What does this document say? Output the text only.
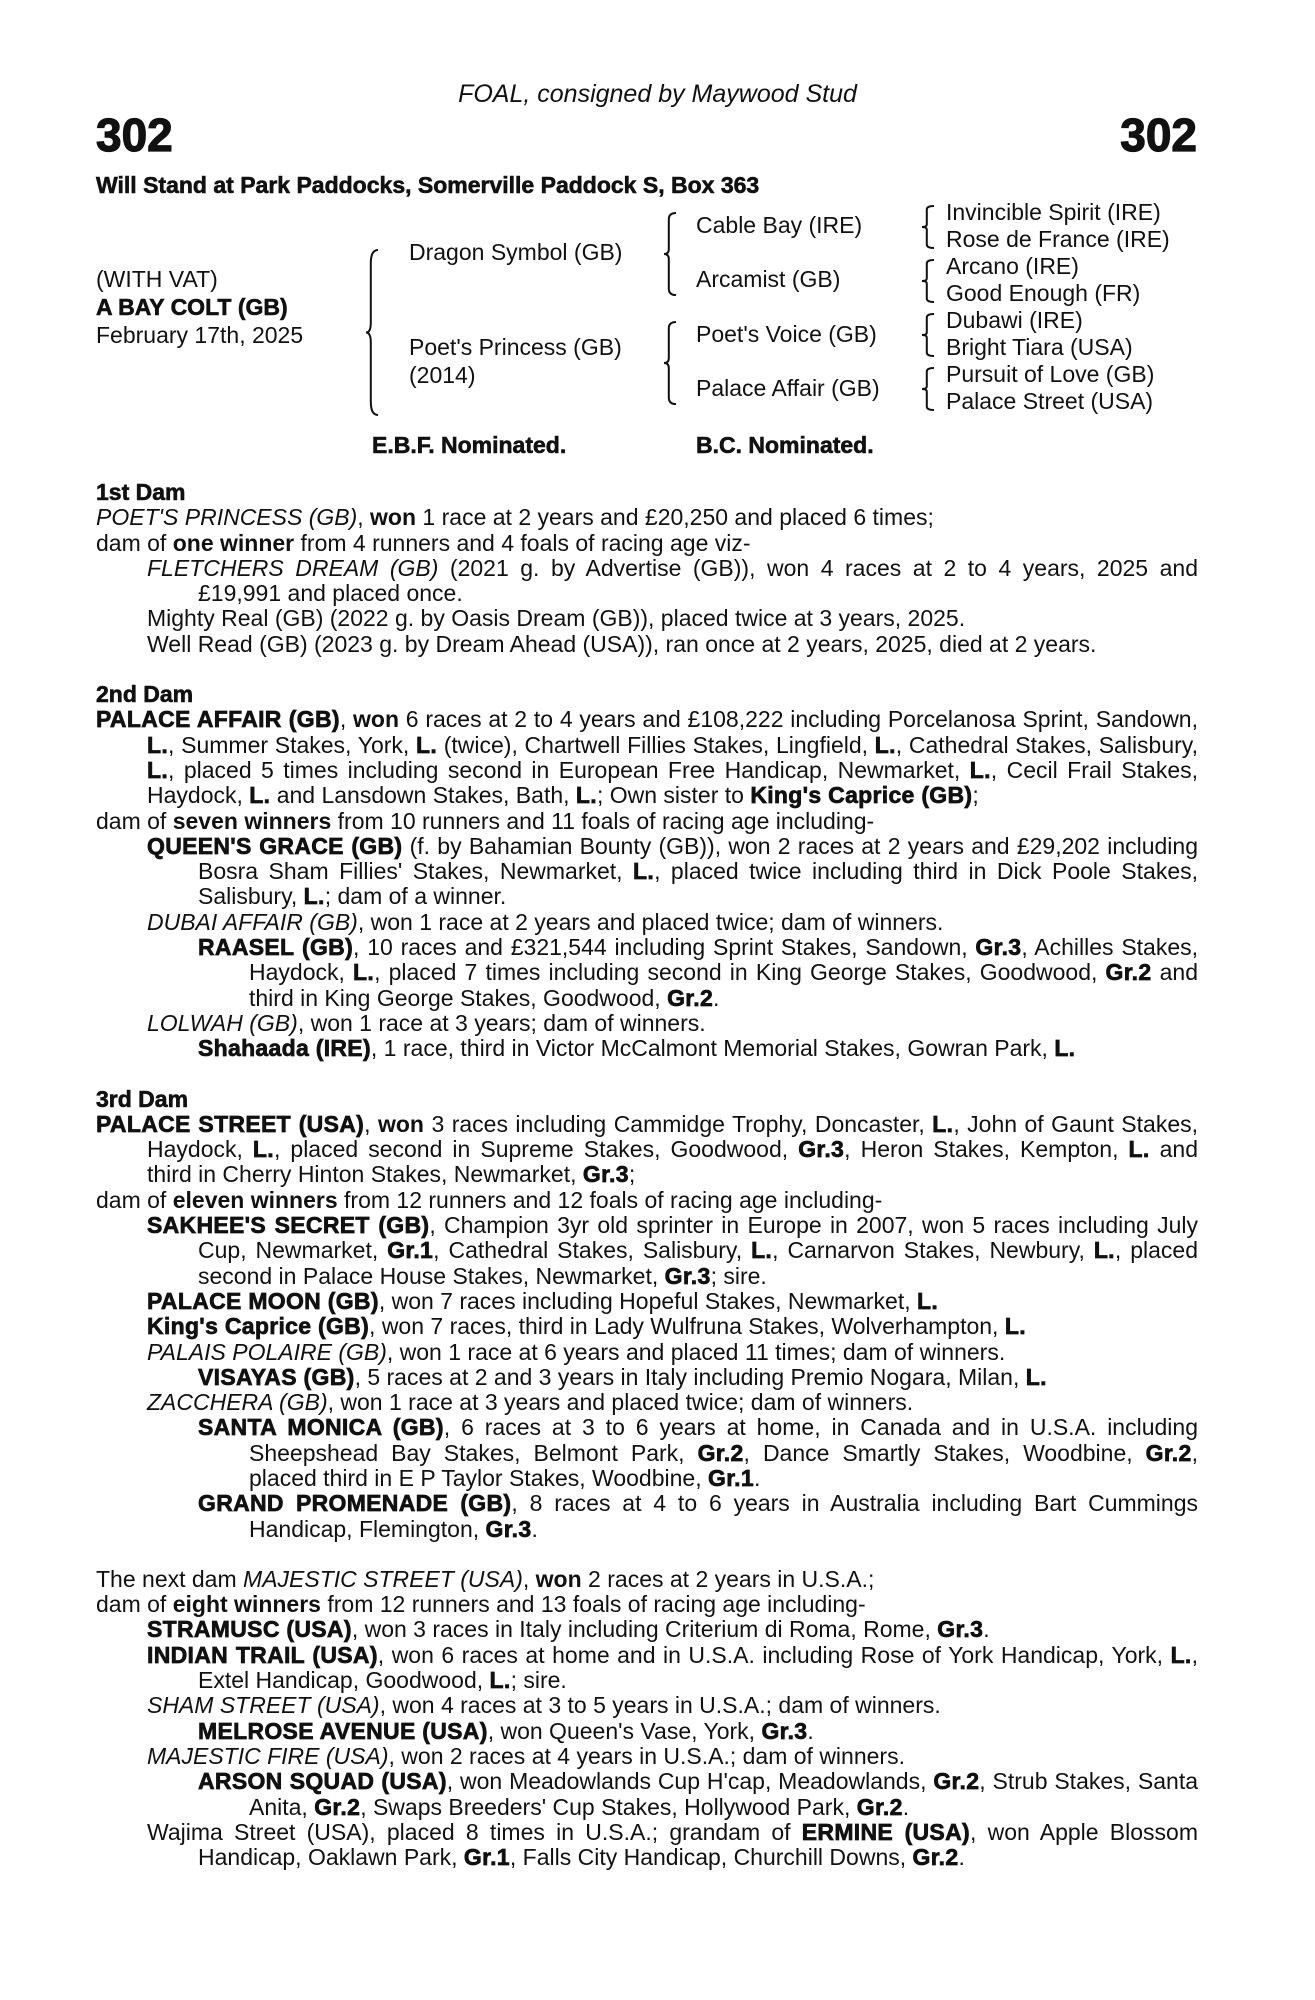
FOAL, consigned by Maywood Stud
302	302
Will Stand at Park Paddocks, Somerville Paddock S, Box 363
(WITH VAT)
A BAY COLT (GB)
February 17th, 2025
Dragon Symbol (GB)
Poet's Princess (GB)
(2014)
Cable Bay (IRE)
Arcamist (GB)
Poet's Voice (GB)
Palace Affair (GB)
Invincible Spirit (IRE)
Rose de France (IRE)
Arcano (IRE)
Good Enough (FR)
Dubawi (IRE)
Bright Tiara (USA)
Pursuit of Love (GB)
Palace Street (USA)
E.B.F. Nominated.	B.C. Nominated.
1st Dam
POET'S PRINCESS (GB), won 1 race at 2 years and £20,250 and placed 6 times;
dam of one winner from 4 runners and 4 foals of racing age viz-
FLETCHERS DREAM (GB) (2021 g. by Advertise (GB)), won 4 races at 2 to 4 years, 2025 and £19,991 and placed once.
Mighty Real (GB) (2022 g. by Oasis Dream (GB)), placed twice at 3 years, 2025.
Well Read (GB) (2023 g. by Dream Ahead (USA)), ran once at 2 years, 2025, died at 2 years.
2nd Dam
PALACE AFFAIR (GB), won 6 races at 2 to 4 years and £108,222 including Porcelanosa Sprint, Sandown, L., Summer Stakes, York, L. (twice), Chartwell Fillies Stakes, Lingfield, L., Cathedral Stakes, Salisbury, L., placed 5 times including second in European Free Handicap, Newmarket, L., Cecil Frail Stakes, Haydock, L. and Lansdown Stakes, Bath, L.; Own sister to King's Caprice (GB);
dam of seven winners from 10 runners and 11 foals of racing age including-
QUEEN'S GRACE (GB) (f. by Bahamian Bounty (GB)), won 2 races at 2 years and £29,202 including Bosra Sham Fillies' Stakes, Newmarket, L., placed twice including third in Dick Poole Stakes, Salisbury, L.; dam of a winner.
DUBAI AFFAIR (GB), won 1 race at 2 years and placed twice; dam of winners.
RAASEL (GB), 10 races and £321,544 including Sprint Stakes, Sandown, Gr.3, Achilles Stakes, Haydock, L., placed 7 times including second in King George Stakes, Goodwood, Gr.2 and third in King George Stakes, Goodwood, Gr.2.
LOLWAH (GB), won 1 race at 3 years; dam of winners.
Shahaada (IRE), 1 race, third in Victor McCalmont Memorial Stakes, Gowran Park, L.
3rd Dam
PALACE STREET (USA), won 3 races including Cammidge Trophy, Doncaster, L., John of Gaunt Stakes, Haydock, L., placed second in Supreme Stakes, Goodwood, Gr.3, Heron Stakes, Kempton, L. and third in Cherry Hinton Stakes, Newmarket, Gr.3;
dam of eleven winners from 12 runners and 12 foals of racing age including-
SAKHEE'S SECRET (GB), Champion 3yr old sprinter in Europe in 2007, won 5 races including July Cup, Newmarket, Gr.1, Cathedral Stakes, Salisbury, L., Carnarvon Stakes, Newbury, L., placed second in Palace House Stakes, Newmarket, Gr.3; sire.
PALACE MOON (GB), won 7 races including Hopeful Stakes, Newmarket, L.
King's Caprice (GB), won 7 races, third in Lady Wulfruna Stakes, Wolverhampton, L.
PALAIS POLAIRE (GB), won 1 race at 6 years and placed 11 times; dam of winners.
VISAYAS (GB), 5 races at 2 and 3 years in Italy including Premio Nogara, Milan, L.
ZACCHERA (GB), won 1 race at 3 years and placed twice; dam of winners.
SANTA MONICA (GB), 6 races at 3 to 6 years at home, in Canada and in U.S.A. including Sheepshead Bay Stakes, Belmont Park, Gr.2, Dance Smartly Stakes, Woodbine, Gr.2, placed third in E P Taylor Stakes, Woodbine, Gr.1.
GRAND PROMENADE (GB), 8 races at 4 to 6 years in Australia including Bart Cummings Handicap, Flemington, Gr.3.
The next dam MAJESTIC STREET (USA), won 2 races at 2 years in U.S.A.;
dam of eight winners from 12 runners and 13 foals of racing age including-
STRAMUSC (USA), won 3 races in Italy including Criterium di Roma, Rome, Gr.3.
INDIAN TRAIL (USA), won 6 races at home and in U.S.A. including Rose of York Handicap, York, L., Extel Handicap, Goodwood, L.; sire.
SHAM STREET (USA), won 4 races at 3 to 5 years in U.S.A.; dam of winners.
MELROSE AVENUE (USA), won Queen's Vase, York, Gr.3.
MAJESTIC FIRE (USA), won 2 races at 4 years in U.S.A.; dam of winners.
ARSON SQUAD (USA), won Meadowlands Cup H'cap, Meadowlands, Gr.2, Strub Stakes, Santa Anita, Gr.2, Swaps Breeders' Cup Stakes, Hollywood Park, Gr.2.
Wajima Street (USA), placed 8 times in U.S.A.; grandam of ERMINE (USA), won Apple Blossom Handicap, Oaklawn Park, Gr.1, Falls City Handicap, Churchill Downs, Gr.2.
